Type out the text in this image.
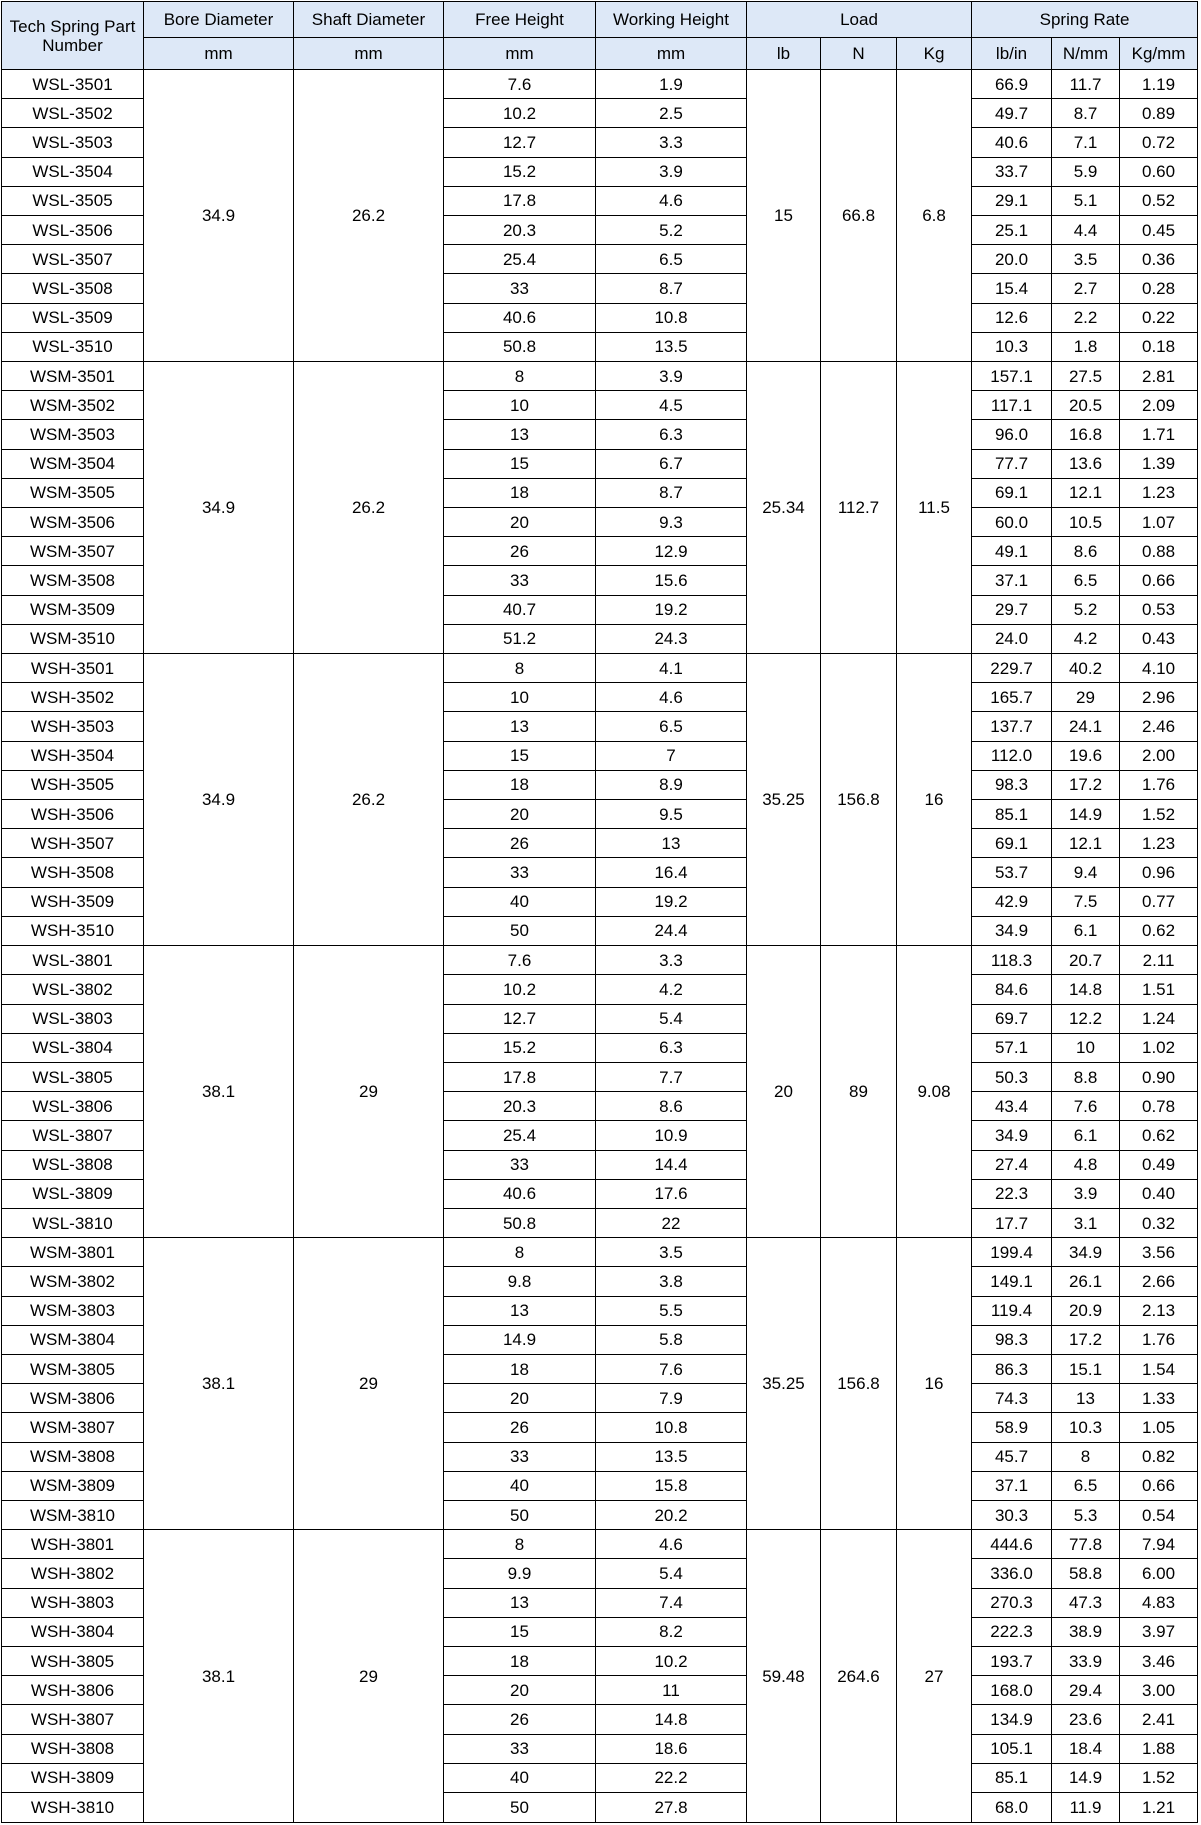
Tech Spring Part Number	Bore Diameter	Shaft Diameter	Free Height	Working Height	Load			Spring Rate		
	mm	mm	mm	mm	lb	N	Kg	lb/in	N/mm	Kg/mm
WSL-3501	34.9	26.2	7.6	1.9	15	66.8	6.8	66.9	11.7	1.19
WSL-3502			10.2	2.5				49.7	8.7	0.89
WSL-3503			12.7	3.3				40.6	7.1	0.72
WSL-3504			15.2	3.9				33.7	5.9	0.60
WSL-3505			17.8	4.6				29.1	5.1	0.52
WSL-3506			20.3	5.2				25.1	4.4	0.45
WSL-3507			25.4	6.5				20.0	3.5	0.36
WSL-3508			33	8.7				15.4	2.7	0.28
WSL-3509			40.6	10.8				12.6	2.2	0.22
WSL-3510			50.8	13.5				10.3	1.8	0.18
WSM-3501	34.9	26.2	8	3.9	25.34	112.7	11.5	157.1	27.5	2.81
WSM-3502			10	4.5				117.1	20.5	2.09
WSM-3503			13	6.3				96.0	16.8	1.71
WSM-3504			15	6.7				77.7	13.6	1.39
WSM-3505			18	8.7				69.1	12.1	1.23
WSM-3506			20	9.3				60.0	10.5	1.07
WSM-3507			26	12.9				49.1	8.6	0.88
WSM-3508			33	15.6				37.1	6.5	0.66
WSM-3509			40.7	19.2				29.7	5.2	0.53
WSM-3510			51.2	24.3				24.0	4.2	0.43
WSH-3501	34.9	26.2	8	4.1	35.25	156.8	16	229.7	40.2	4.10
WSH-3502			10	4.6				165.7	29	2.96
WSH-3503			13	6.5				137.7	24.1	2.46
WSH-3504			15	7				112.0	19.6	2.00
WSH-3505			18	8.9				98.3	17.2	1.76
WSH-3506			20	9.5				85.1	14.9	1.52
WSH-3507			26	13				69.1	12.1	1.23
WSH-3508			33	16.4				53.7	9.4	0.96
WSH-3509			40	19.2				42.9	7.5	0.77
WSH-3510			50	24.4				34.9	6.1	0.62
WSL-3801	38.1	29	7.6	3.3	20	89	9.08	118.3	20.7	2.11
WSL-3802			10.2	4.2				84.6	14.8	1.51
WSL-3803			12.7	5.4				69.7	12.2	1.24
WSL-3804			15.2	6.3				57.1	10	1.02
WSL-3805			17.8	7.7				50.3	8.8	0.90
WSL-3806			20.3	8.6				43.4	7.6	0.78
WSL-3807			25.4	10.9				34.9	6.1	0.62
WSL-3808			33	14.4				27.4	4.8	0.49
WSL-3809			40.6	17.6				22.3	3.9	0.40
WSL-3810			50.8	22				17.7	3.1	0.32
WSM-3801	38.1	29	8	3.5	35.25	156.8	16	199.4	34.9	3.56
WSM-3802			9.8	3.8				149.1	26.1	2.66
WSM-3803			13	5.5				119.4	20.9	2.13
WSM-3804			14.9	5.8				98.3	17.2	1.76
WSM-3805			18	7.6				86.3	15.1	1.54
WSM-3806			20	7.9				74.3	13	1.33
WSM-3807			26	10.8				58.9	10.3	1.05
WSM-3808			33	13.5				45.7	8	0.82
WSM-3809			40	15.8				37.1	6.5	0.66
WSM-3810			50	20.2				30.3	5.3	0.54
WSH-3801	38.1	29	8	4.6	59.48	264.6	27	444.6	77.8	7.94
WSH-3802			9.9	5.4				336.0	58.8	6.00
WSH-3803			13	7.4				270.3	47.3	4.83
WSH-3804			15	8.2				222.3	38.9	3.97
WSH-3805			18	10.2				193.7	33.9	3.46
WSH-3806			20	11				168.0	29.4	3.00
WSH-3807			26	14.8				134.9	23.6	2.41
WSH-3808			33	18.6				105.1	18.4	1.88
WSH-3809			40	22.2				85.1	14.9	1.52
WSH-3810			50	27.8				68.0	11.9	1.21
